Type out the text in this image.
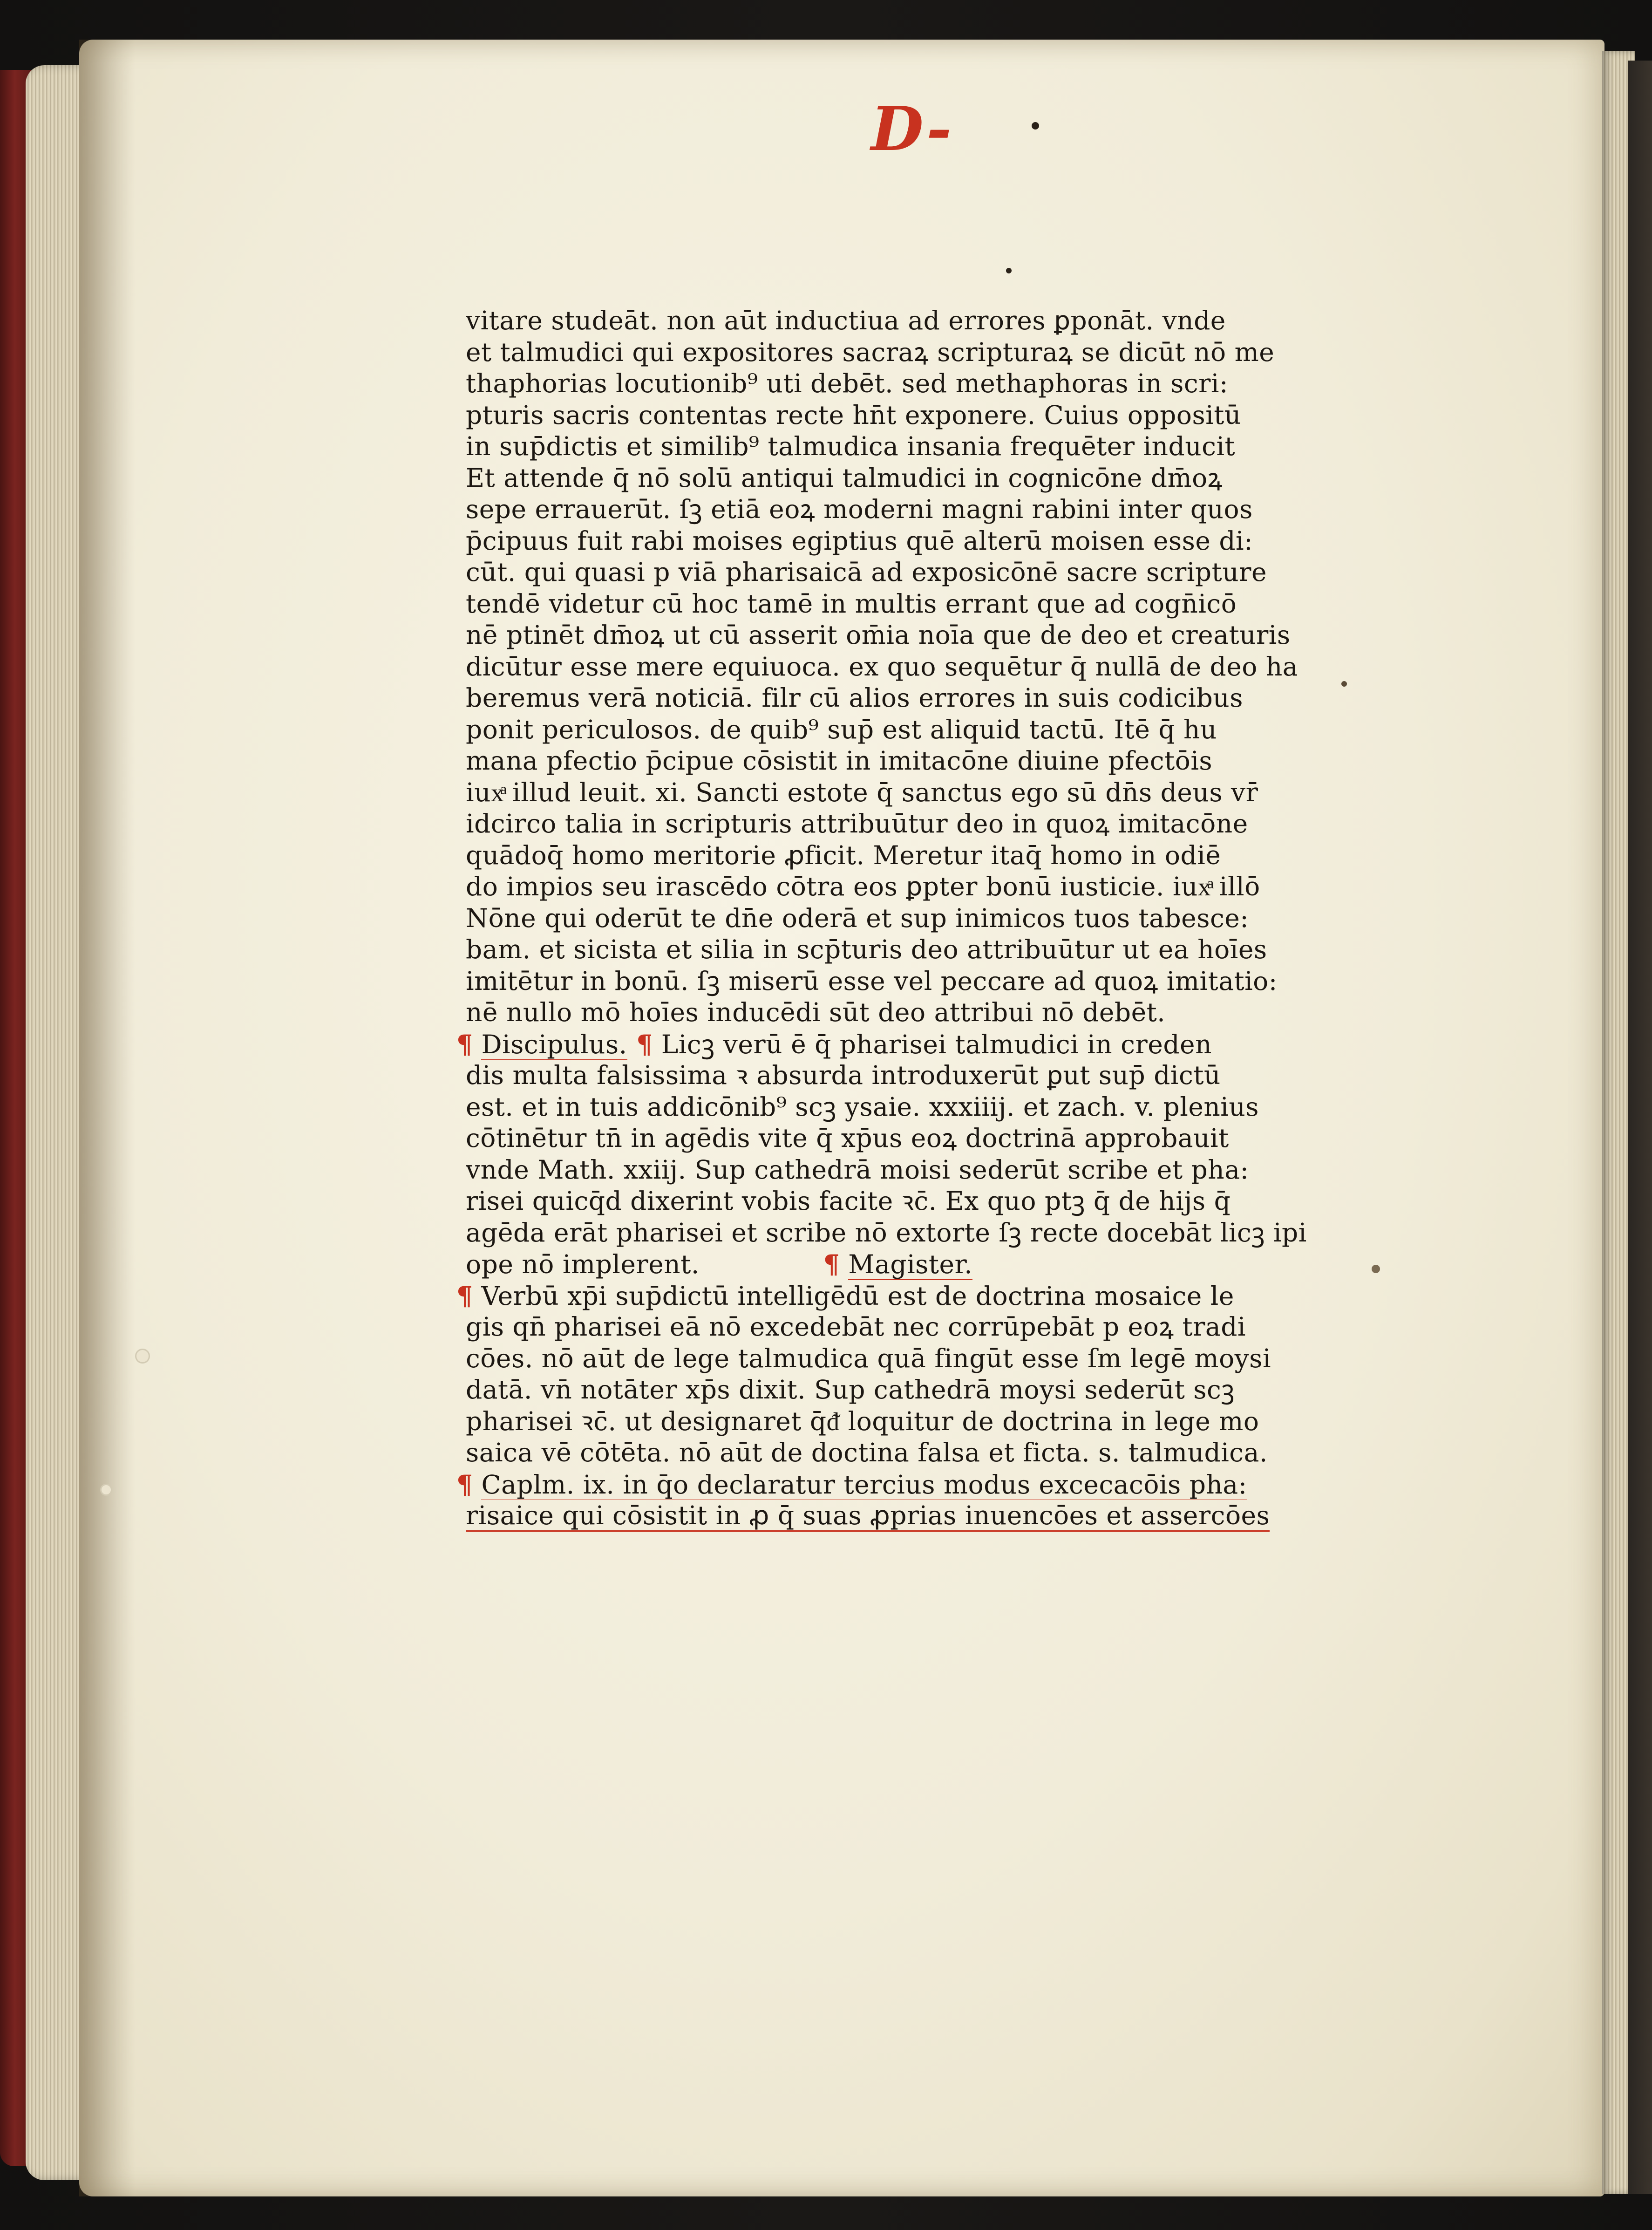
D-
vitare studeāt. non aūt inductiua ad errores ꝑponāt. vnde
et talmudici qui expositores sacraꝝ scripturaꝝ se dicūt nō me
thaphorias locutionib⁹ uti debēt. sed methaphoras in scri:
pturis sacris contentas recte hn̄t exponere. Cuius oppositū
in sup̄dictis et similib⁹ talmudica insania frequēter inducit
Et attende q̄ nō solū antiqui talmudici in cognicōne dm̄oꝝ
sepe errauerūt. ſꝫ etiā eoꝝ moderni magni rabini inter quos
p̄cipuus fuit rabi moises egiptius quē alterū moisen esse di:
cūt. qui quasi p viā pharisaicā ad exposicōnē sacre scripture
tendē videtur cū hoc tamē in multis errant que ad cogn̄icō
nē ptinēt dm̄oꝝ ut cū asserit om̄ia noīa que de deo et creaturis
dicūtur esse mere equiuoca. ex quo sequētur q̄ nullā de deo ha
beremus verā noticiā. filr cū alios errores in suis codicibus
ponit periculosos. de quib⁹ sup̄ est aliquid tactū. Itē q̄ hu
mana pfectio p̄cipue cōsistit in imitacōne diuine pfectōis
iuxͣ illud leuit. xi. Sancti estote q̄ sanctus ego sū dn̄s deus vr̄
idcirco talia in scripturis attribuūtur deo in quoꝝ imitacōne
quādoq̄ homo meritorie ꝓficit. Meretur itaq̄ homo in odiē
do impios seu irascēdo cōtra eos ꝑpter bonū iusticie. iuxͣ illō
Nōne qui oderūt te dn̄e oderā et sup inimicos tuos tabesce:
bam. et sicista et silia in scp̄turis deo attribuūtur ut ea hoīes
imitētur in bonū. ſꝫ miserū esse vel peccare ad quoꝝ imitatio:
nē nullo mō hoīes inducēdi sūt deo attribui nō debēt.
¶ Discipulus. ¶ Licꝫ verū ē q̄ pharisei talmudici in creden
dis multa falsissima ꝛ absurda introduxerūt ꝑut sup̄ dictū
est. et in tuis addicōnib⁹ scꝫ ysaie. xxxiiij. et zach. v. plenius
cōtinētur tn̄ in agēdis vite q̄ xp̄us eoꝝ doctrinā approbauit
vnde Math. xxiij. Sup cathedrā moisi sederūt scribe et pha:
risei quicq̄d dixerint vobis facite ꝛc̄. Ex quo ptꝫ q̄ de hijs q̄
agēda erāt pharisei et scribe nō extorte ſꝫ recte docebāt licꝫ ipi
ope nō implerent.	¶ Magister.
¶ Verbū xp̄i sup̄dictū intelligēdū est de doctrina mosaice le
gis qn̄ pharisei eā nō excedebāt nec corrūpebāt p eoꝝ tradi
cōes. nō aūt de lege talmudica quā fingūt esse ſm legē moysi
datā. vn̄ notāter xp̄s dixit. Sup cathedrā moysi sederūt scꝫ
pharisei ꝛc̄. ut designaret q̄ᵭ loquitur de doctrina in lege mo
saica vē cōtēta. nō aūt de doctina falsa et ficta. s. talmudica.
¶ Caplm. ix. in q̄o declaratur tercius modus excecacōis pha:
risaice qui cōsistit in ꝓ q̄ suas ꝓprias inuencōes et assercōes
